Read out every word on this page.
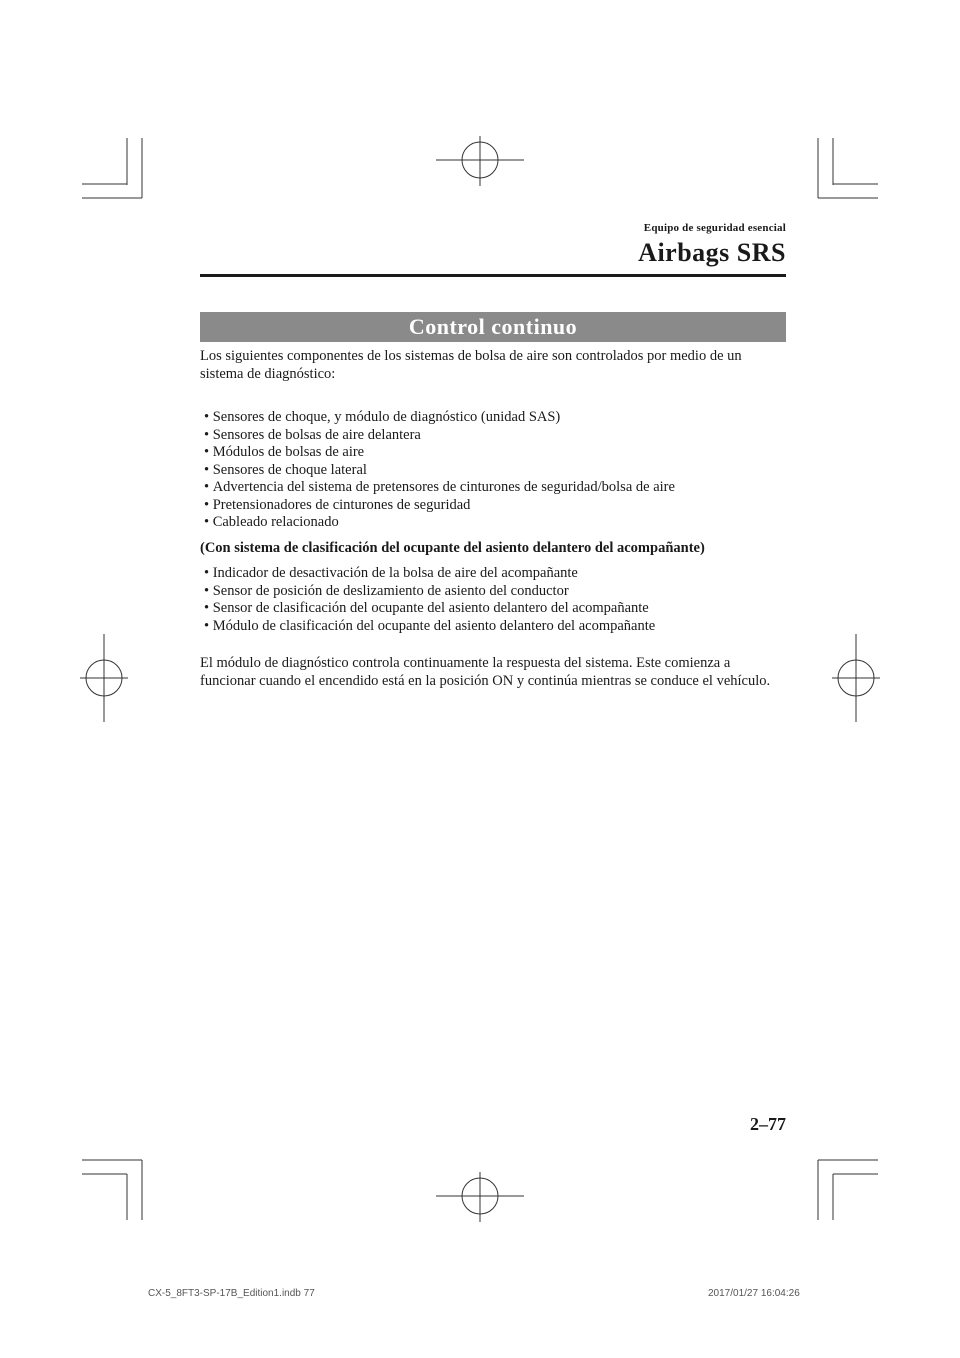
Equipo de seguridad esencial
Airbags SRS
Control continuo

Los siguientes componentes de los sistemas de bolsa de aire son controlados por medio de un sistema de diagnóstico:

• Sensores de choque, y módulo de diagnóstico (unidad SAS)
• Sensores de bolsas de aire delantera
• Módulos de bolsas de aire
• Sensores de choque lateral
• Advertencia del sistema de pretensores de cinturones de seguridad/bolsa de aire
• Pretensionadores de cinturones de seguridad
• Cableado relacionado

(Con sistema de clasificación del ocupante del asiento delantero del acompañante)

• Indicador de desactivación de la bolsa de aire del acompañante
• Sensor de posición de deslizamiento de asiento del conductor
• Sensor de clasificación del ocupante del asiento delantero del acompañante
• Módulo de clasificación del ocupante del asiento delantero del acompañante

El módulo de diagnóstico controla continuamente la respuesta del sistema. Este comienza a funcionar cuando el encendido está en la posición ON y continúa mientras se conduce el vehículo.

2–77
CX-5_8FT3-SP-17B_Edition1.indb 77	2017/01/27 16:04:26
